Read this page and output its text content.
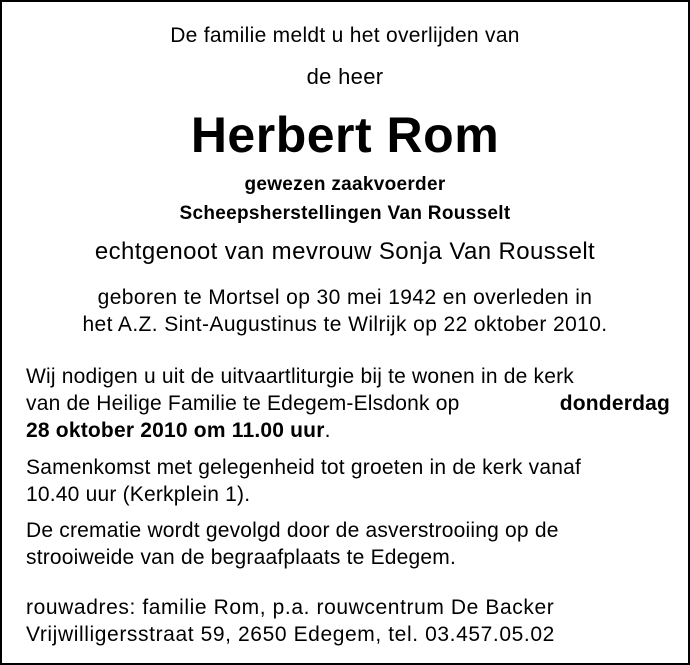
De familie meldt u het overlijden van

de heer

Herbert Rom

gewezen zaakvoerder

Scheepsherstellingen Van Rousselt

echtgenoot van mevrouw Sonja Van Rousselt

geboren te Mortsel op 30 mei 1942 en overleden in

het A.Z. Sint-Augustinus te Wilrijk op 22 oktober 2010.

Wij nodigen u uit de uitvaartliturgie bij te wonen in de kerk
van de Heilige Familie te Edegem-Elsdonk op	donderdag
28 oktober 2010 om 11.00 uur.
Samenkomst met gelegenheid tot groeten in de kerk vanaf
10.40 uur (Kerkplein 1).
De crematie wordt gevolgd door de asverstrooiing op de
strooiweide van de begraafplaats te Edegem.
rouwadres: familie Rom, p.a. rouwcentrum De Backer
Vrijwilligersstraat 59, 2650 Edegem, tel. 03.457.05.02
